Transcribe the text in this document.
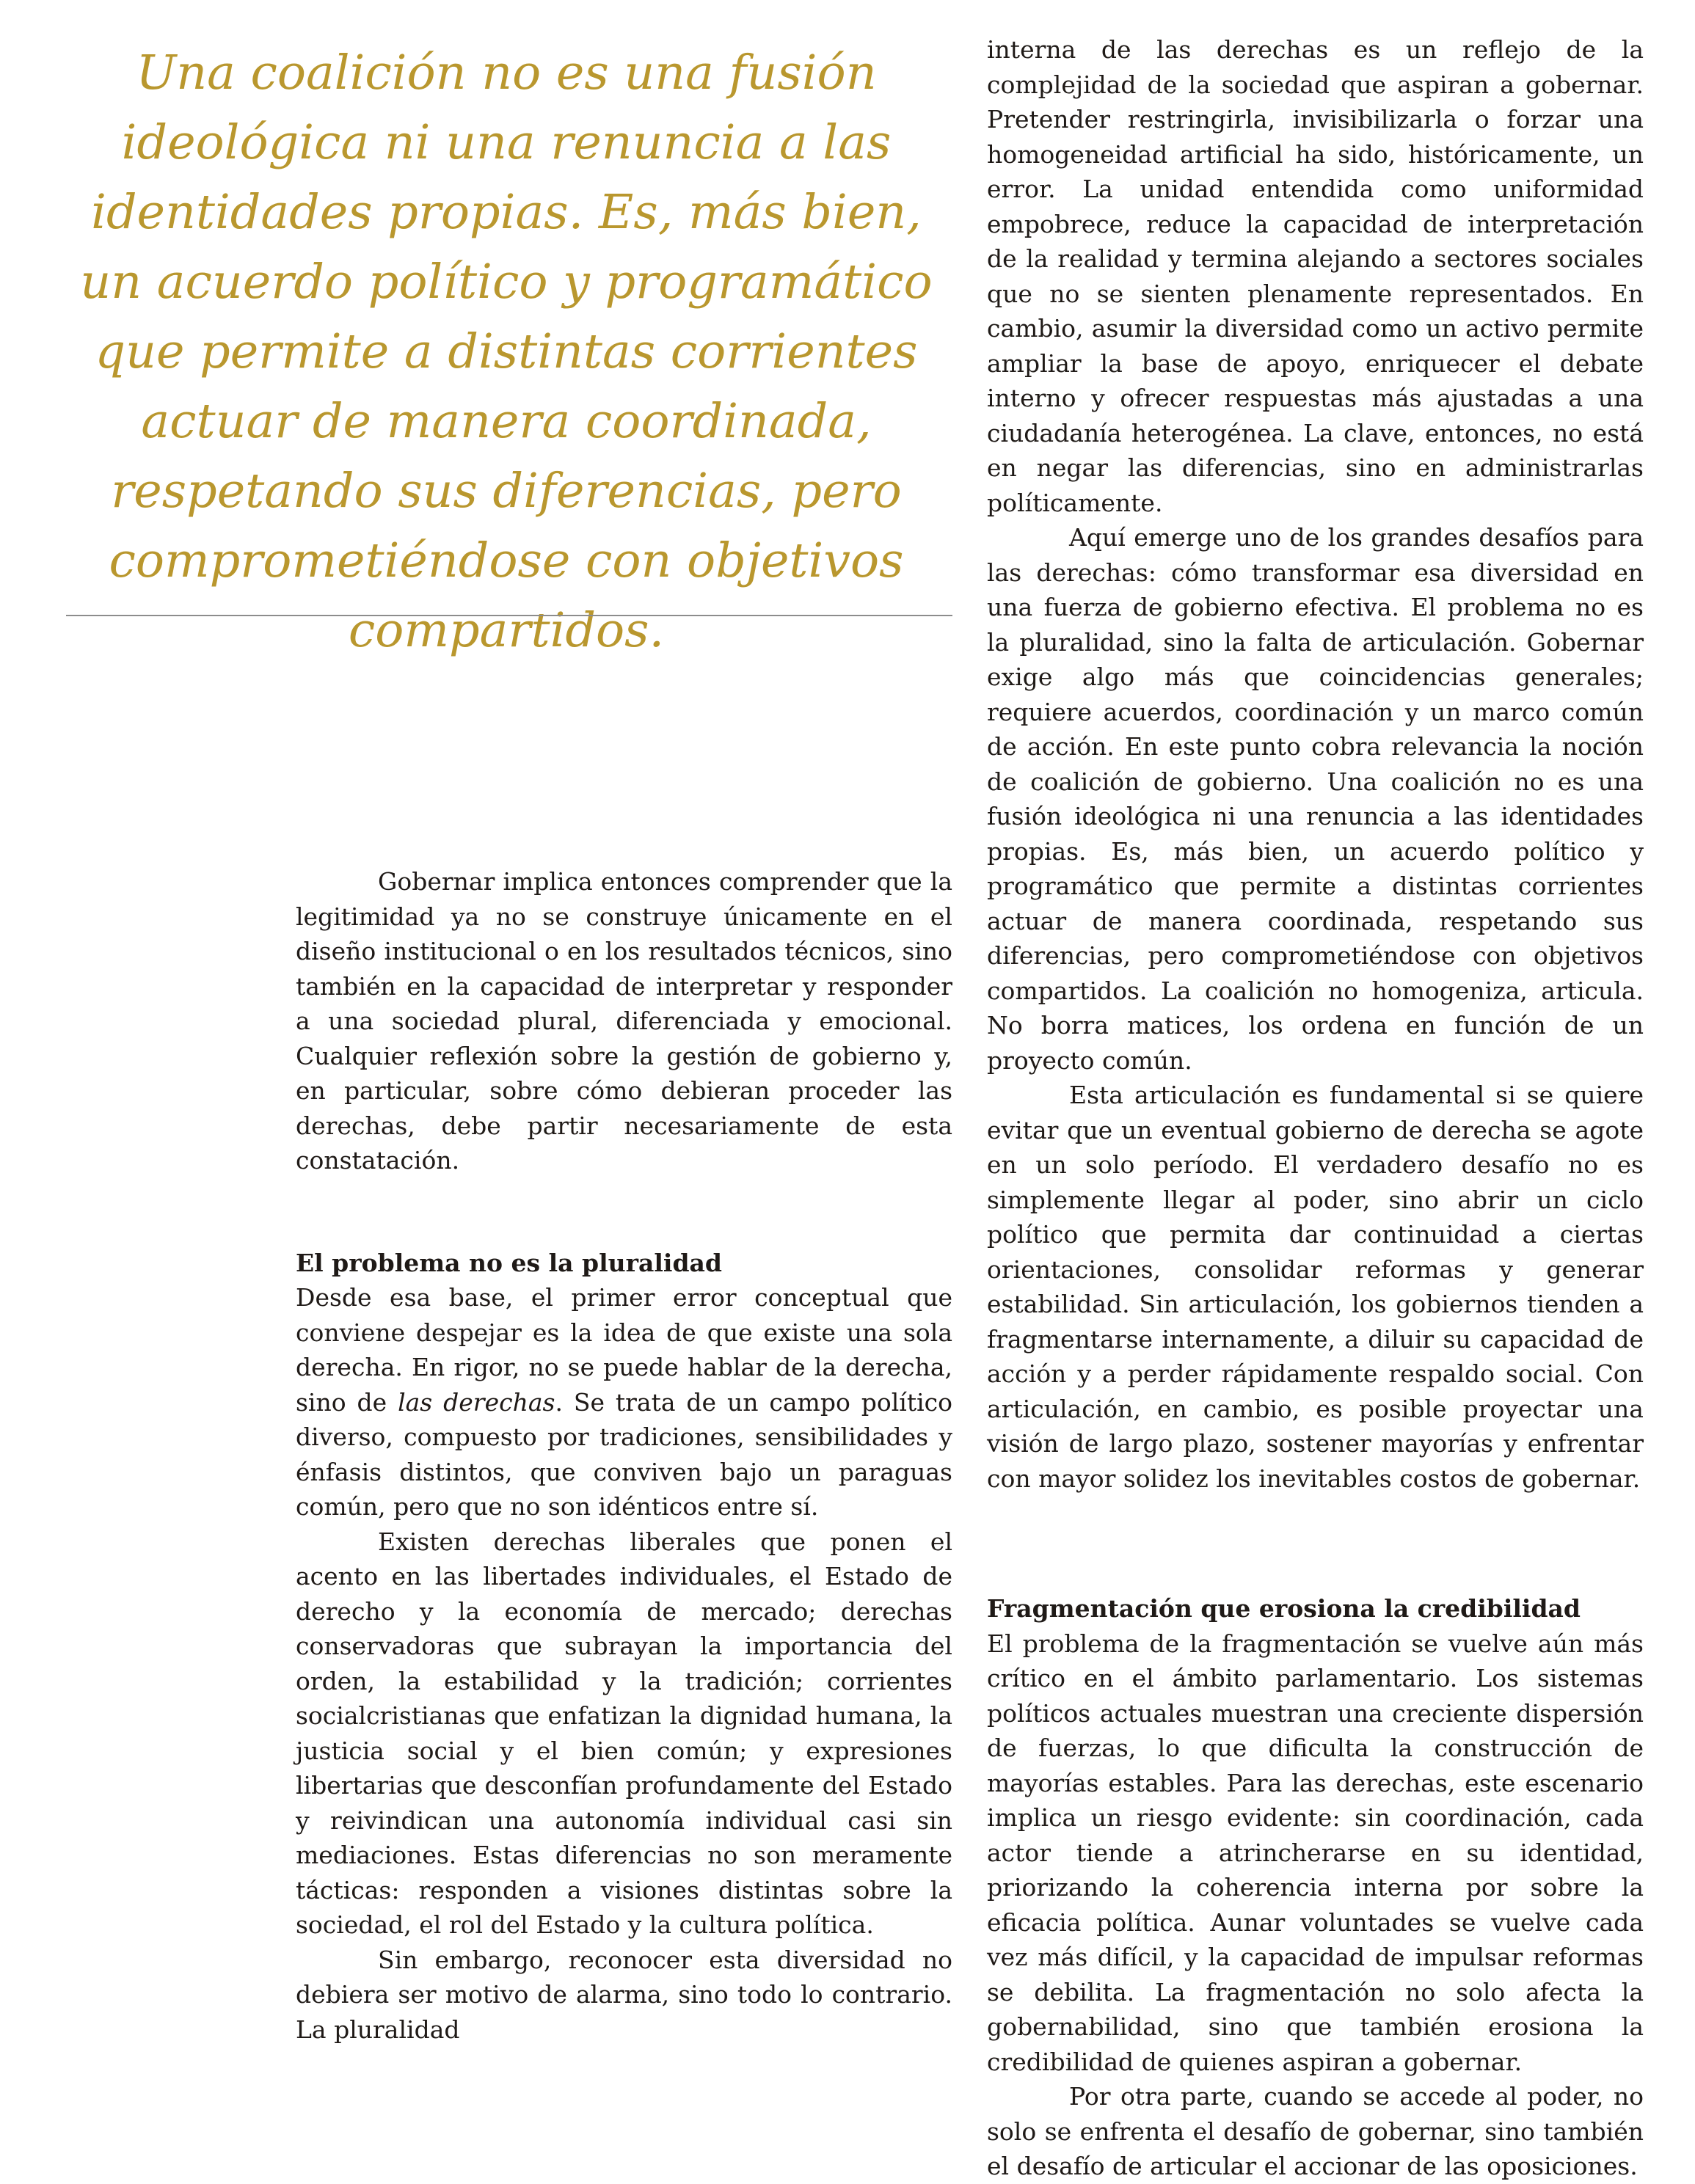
Una coalición no es una fusión ideológica ni una renuncia a las identidades propias. Es, más bien, un acuerdo político y programático que permite a distintas corrientes actuar de manera coordinada, respetando sus diferencias, pero comprometiéndose con objetivos compartidos.

Gobernar implica entonces comprender que la legitimidad ya no se construye únicamente en el diseño institucional o en los resultados técnicos, sino también en la capacidad de interpretar y responder a una sociedad plural, diferenciada y emocional. Cualquier reflexión sobre la gestión de gobierno y, en particular, sobre cómo debieran proceder las derechas, debe partir necesariamente de esta constatación.

El problema no es la pluralidad

Desde esa base, el primer error conceptual que conviene despejar es la idea de que existe una sola derecha. En rigor, no se puede hablar de la derecha, sino de las derechas. Se trata de un campo político diverso, compuesto por tradiciones, sensibilidades y énfasis distintos, que conviven bajo un paraguas común, pero que no son idénticos entre sí.

Existen derechas liberales que ponen el acento en las libertades individuales, el Estado de derecho y la economía de mercado; derechas conservadoras que subrayan la importancia del orden, la estabilidad y la tradición; corrientes socialcristianas que enfatizan la dignidad humana, la justicia social y el bien común; y expresiones libertarias que desconfían profundamente del Estado y reivindican una autonomía individual casi sin mediaciones. Estas diferencias no son meramente tácticas: responden a visiones distintas sobre la sociedad, el rol del Estado y la cultura política.

Sin embargo, reconocer esta diversidad no debiera ser motivo de alarma, sino todo lo contrario. La pluralidad

interna de las derechas es un reflejo de la complejidad de la sociedad que aspiran a gobernar. Pretender restringirla, invisibilizarla o forzar una homogeneidad artificial ha sido, históricamente, un error. La unidad entendida como uniformidad empobrece, reduce la capacidad de interpretación de la realidad y termina alejando a sectores sociales que no se sienten plenamente representados. En cambio, asumir la diversidad como un activo permite ampliar la base de apoyo, enriquecer el debate interno y ofrecer respuestas más ajustadas a una ciudadanía heterogénea. La clave, entonces, no está en negar las diferencias, sino en administrarlas políticamente.

Aquí emerge uno de los grandes desafíos para las derechas: cómo transformar esa diversidad en una fuerza de gobierno efectiva. El problema no es la pluralidad, sino la falta de articulación. Gobernar exige algo más que coincidencias generales; requiere acuerdos, coordinación y un marco común de acción. En este punto cobra relevancia la noción de coalición de gobierno. Una coalición no es una fusión ideológica ni una renuncia a las identidades propias. Es, más bien, un acuerdo político y programático que permite a distintas corrientes actuar de manera coordinada, respetando sus diferencias, pero comprometiéndose con objetivos compartidos. La coalición no homogeniza, articula. No borra matices, los ordena en función de un proyecto común.

Esta articulación es fundamental si se quiere evitar que un eventual gobierno de derecha se agote en un solo período. El verdadero desafío no es simplemente llegar al poder, sino abrir un ciclo político que permita dar continuidad a ciertas orientaciones, consolidar reformas y generar estabilidad. Sin articulación, los gobiernos tienden a fragmentarse internamente, a diluir su capacidad de acción y a perder rápidamente respaldo social. Con articulación, en cambio, es posible proyectar una visión de largo plazo, sostener mayorías y enfrentar con mayor solidez los inevitables costos de gobernar.

Fragmentación que erosiona la credibilidad

El problema de la fragmentación se vuelve aún más crítico en el ámbito parlamentario. Los sistemas políticos actuales muestran una creciente dispersión de fuerzas, lo que dificulta la construcción de mayorías estables. Para las derechas, este escenario implica un riesgo evidente: sin coordinación, cada actor tiende a atrincherarse en su identidad, priorizando la coherencia interna por sobre la eficacia política. Aunar voluntades se vuelve cada vez más difícil, y la capacidad de impulsar reformas se debilita. La fragmentación no solo afecta la gobernabilidad, sino que también erosiona la credibilidad de quienes aspiran a gobernar.

Por otra parte, cuando se accede al poder, no solo se enfrenta el desafío de gobernar, sino también el desafío de articular el accionar de las oposiciones.
